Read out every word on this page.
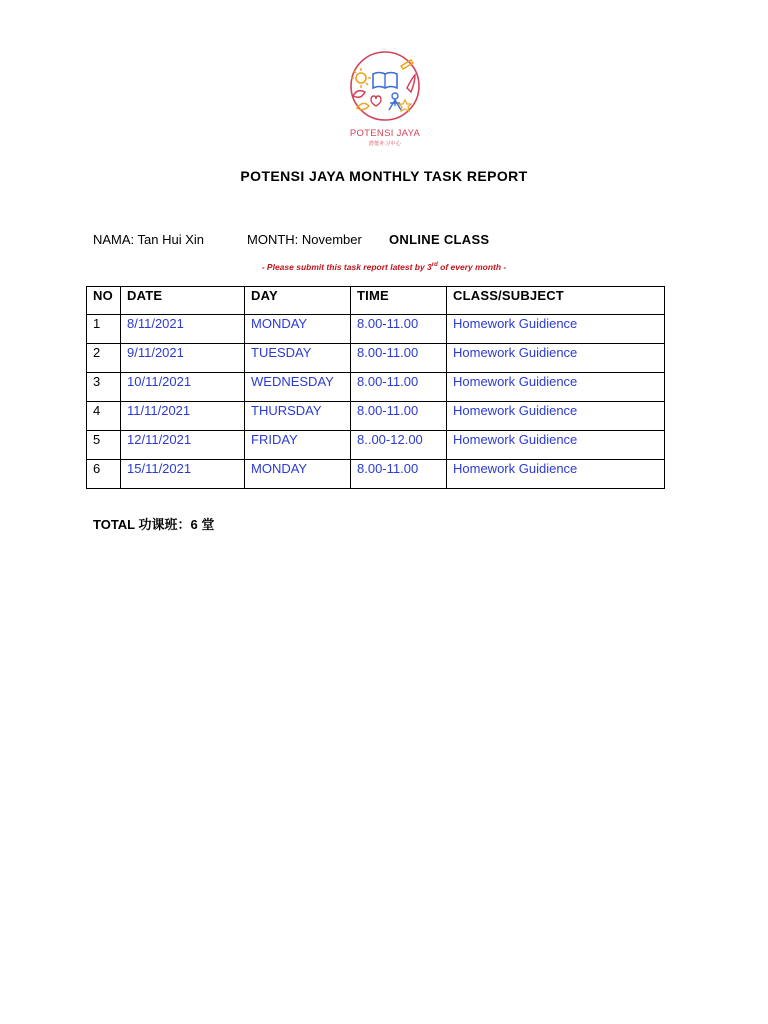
POTENSI JAYA
潜能补习中心
POTENSI JAYA MONTHLY TASK REPORT
NAMA: Tan Hui Xin	MONTH: November ONLINE CLASS
- Please submit this task report latest by 3rd of every month -
NO	DATE	DAY	TIME	CLASS/SUBJECT
1	8/11/2021	MONDAY	8.00-11.00	Homework Guidience
2	9/11/2021	TUESDAY	8.00-11.00	Homework Guidience
3	10/11/2021	WEDNESDAY	8.00-11.00	Homework Guidience
4	11/11/2021	THURSDAY	8.00-11.00	Homework Guidience
5	12/11/2021	FRIDAY	8..00-12.00	Homework Guidience
6	15/11/2021	MONDAY	8.00-11.00	Homework Guidience
TOTAL 功课班：6 堂
